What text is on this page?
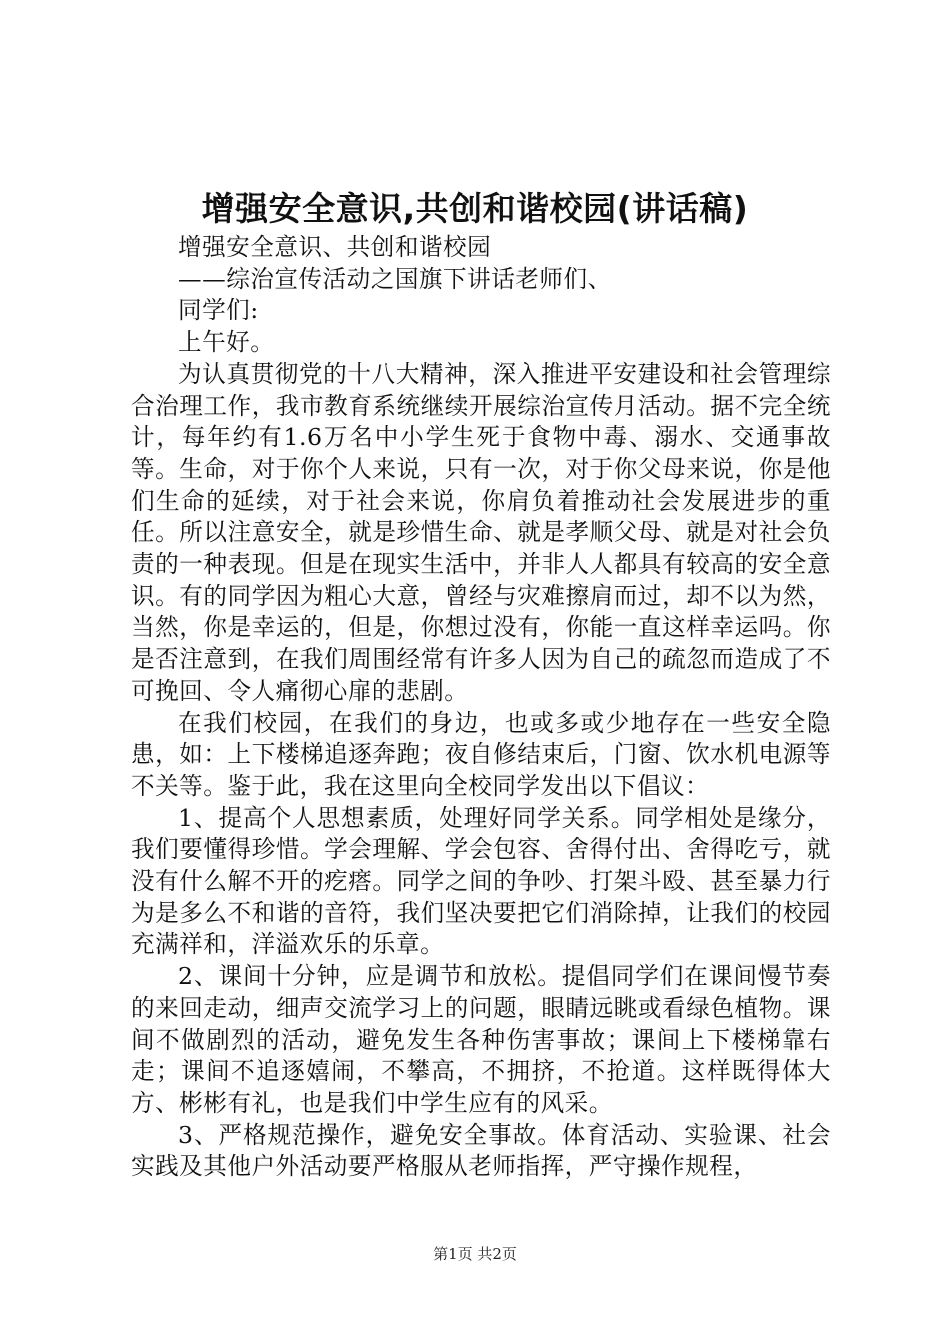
增强安全意识,共创和谐校园(讲话稿)

增强安全意识、共创和谐校园

——综治宣传活动之国旗下讲话老师们、

同学们:

上午好。

为认真贯彻党的十八大精神，深入推进平安建设和社会管理综合治理工作，我市教育系统继续开展综治宣传月活动。据不完全统计，每年约有1.6万名中小学生死于食物中毒、溺水、交通事故等。生命，对于你个人来说，只有一次，对于你父母来说，你是他们生命的延续，对于社会来说，你肩负着推动社会发展进步的重任。所以注意安全，就是珍惜生命、就是孝顺父母、就是对社会负责的一种表现。但是在现实生活中，并非人人都具有较高的安全意识。有的同学因为粗心大意，曾经与灾难擦肩而过，却不以为然，当然，你是幸运的，但是，你想过没有，你能一直这样幸运吗。你是否注意到，在我们周围经常有许多人因为自己的疏忽而造成了不可挽回、令人痛彻心扉的悲剧。

在我们校园，在我们的身边，也或多或少地存在一些安全隐患，如：上下楼梯追逐奔跑；夜自修结束后，门窗、饮水机电源等不关等。鉴于此，我在这里向全校同学发出以下倡议：

1、提高个人思想素质，处理好同学关系。同学相处是缘分，我们要懂得珍惜。学会理解、学会包容、舍得付出、舍得吃亏，就没有什么解不开的疙瘩。同学之间的争吵、打架斗殴、甚至暴力行为是多么不和谐的音符，我们坚决要把它们消除掉，让我们的校园充满祥和，洋溢欢乐的乐章。

2、课间十分钟，应是调节和放松。提倡同学们在课间慢节奏的来回走动，细声交流学习上的问题，眼睛远眺或看绿色植物。课间不做剧烈的活动，避免发生各种伤害事故；课间上下楼梯靠右走；课间不追逐嬉闹，不攀高，不拥挤，不抢道。这样既得体大方、彬彬有礼，也是我们中学生应有的风采。

3、严格规范操作，避免安全事故。体育活动、实验课、社会实践及其他户外活动要严格服从老师指挥，严守操作规程，

第1页 共2页
